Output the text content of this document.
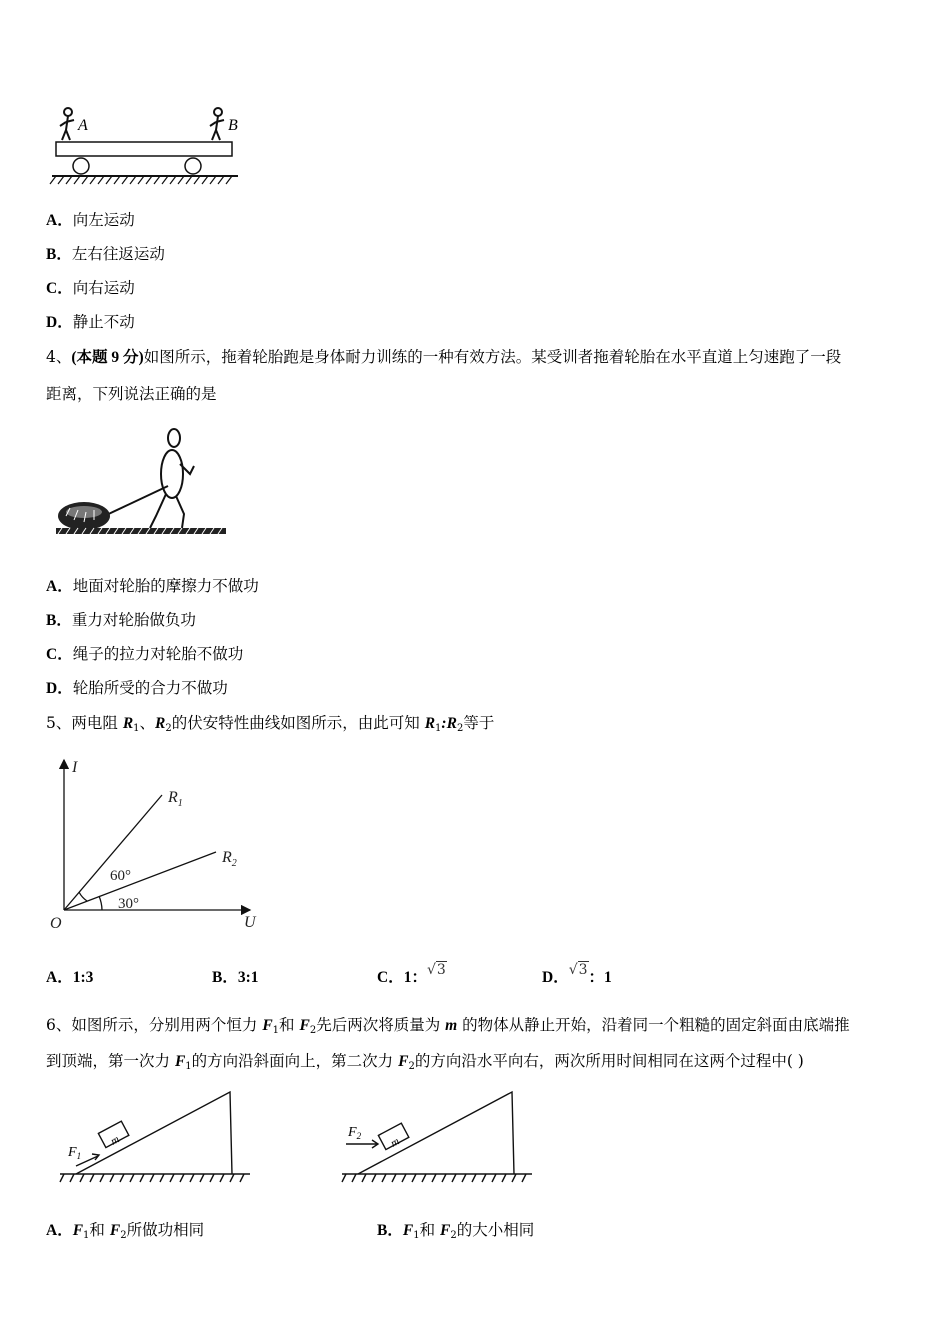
A	B
A．向左运动
B．左右往返运动
C．向右运动
D．静止不动
4、(本题 9 分)如图所示，拖着轮胎跑是身体耐力训练的一种有效方法。某受训者拖着轮胎在水平直道上匀速跑了一段
距离，下列说法正确的是
A．地面对轮胎的摩擦力不做功
B．重力对轮胎做负功
C．绳子的拉力对轮胎不做功
D．轮胎所受的合力不做功
5、两电阻 $R_1$、$R_2$的伏安特性曲线如图所示，由此可知 $R_1:R_2$等于
I
U
O
$R_1$
$R_2$
60°
30°
A．1:3	B．3:1	C．1：√3	D．√3：1
6、如图所示，分别用两个恒力 $F_1$和 $F_2$先后两次将质量为 m 的物体从静止开始，沿着同一个粗糙的固定斜面由底端推
到顶端，第一次力 $F_1$的方向沿斜面向上，第二次力 $F_2$的方向沿水平向右，两次所用时间相同在这两个过程中( )
m
$F_1$
m
$F_2$
A．$F_1$和 $F_2$所做功相同	B．$F_1$和 $F_2$的大小相同
